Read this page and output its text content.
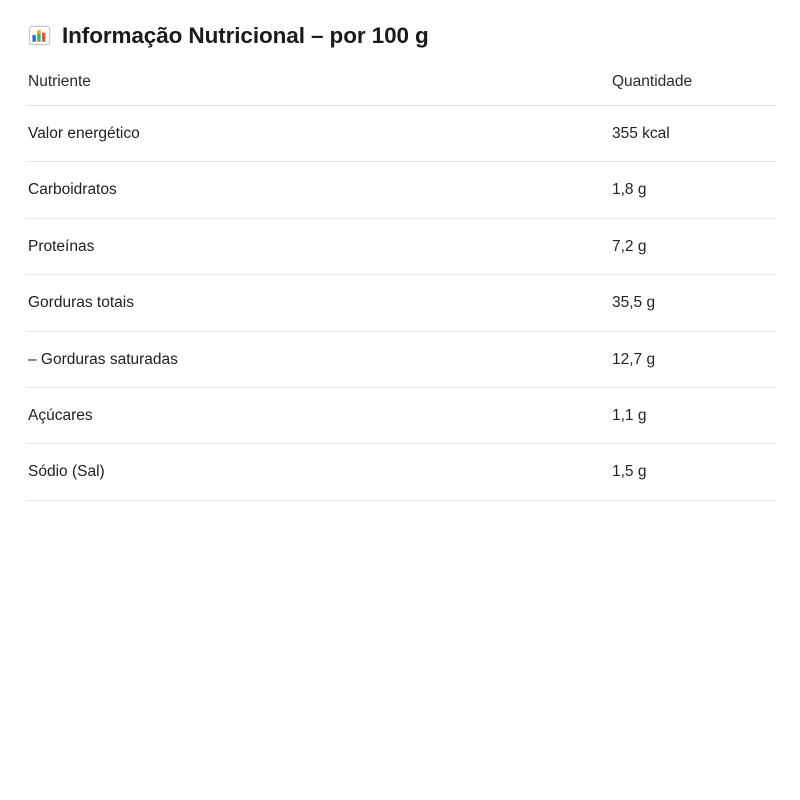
Informação Nutricional – por 100 g
Nutriente	Quantidade
Valor energético	355 kcal
Carboidratos	1,8 g
Proteínas	7,2 g
Gorduras totais	35,5 g
– Gorduras saturadas	12,7 g
Açúcares	1,1 g
Sódio (Sal)	1,5 g
